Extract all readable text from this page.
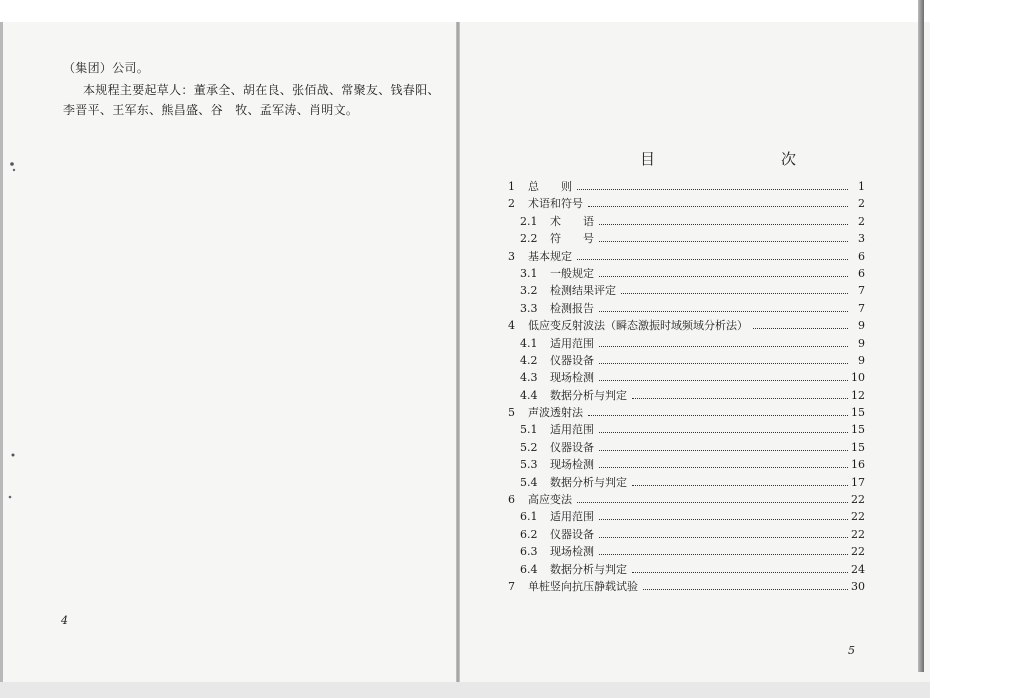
（集团）公司。
本规程主要起草人：董承全、胡在良、张佰战、常聚友、钱春阳、
李晋平、王军东、熊昌盛、谷　牧、孟军涛、肖明文。
4
5
目　　次
1	总　　则	1
2	术语和符号	2
2.1	术　　语	2
2.2	符　　号	3
3	基本规定	6
3.1	一般规定	6
3.2	检测结果评定	7
3.3	检测报告	7
4	低应变反射波法（瞬态激振时域频域分析法）	9
4.1	适用范围	9
4.2	仪器设备	9
4.3	现场检测	10
4.4	数据分析与判定	12
5	声波透射法	15
5.1	适用范围	15
5.2	仪器设备	15
5.3	现场检测	16
5.4	数据分析与判定	17
6	高应变法	22
6.1	适用范围	22
6.2	仪器设备	22
6.3	现场检测	22
6.4	数据分析与判定	24
7	单桩竖向抗压静载试验	30
